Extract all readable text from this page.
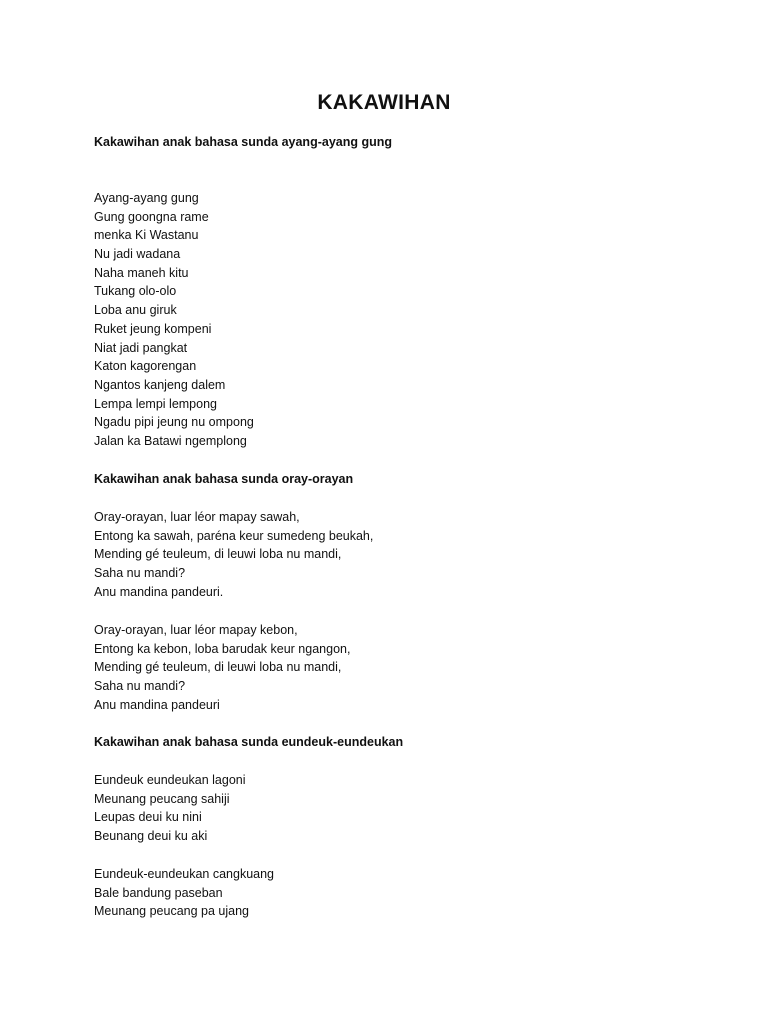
KAKAWIHAN
Kakawihan anak bahasa sunda ayang-ayang gung
Ayang-ayang gung
Gung goongna rame
menka Ki Wastanu
Nu jadi wadana
Naha maneh kitu
Tukang olo-olo
Loba anu giruk
Ruket jeung kompeni
Niat jadi pangkat
Katon kagorengan
Ngantos kanjeng dalem
Lempa lempi lempong
Ngadu pipi jeung nu ompong
Jalan ka Batawi ngemplong
Kakawihan anak bahasa sunda oray-orayan
Oray-orayan, luar léor mapay sawah,
Entong ka sawah, paréna keur sumedeng beukah,
Mending gé teuleum, di leuwi loba nu mandi,
Saha nu mandi?
Anu mandina pandeuri.
Oray-orayan, luar léor mapay kebon,
Entong ka kebon, loba barudak keur ngangon,
Mending gé teuleum, di leuwi loba nu mandi,
Saha nu mandi?
Anu mandina pandeuri
Kakawihan anak bahasa sunda eundeuk-eundeukan
Eundeuk eundeukan lagoni
Meunang peucang sahiji
Leupas deui ku nini
Beunang deui ku aki
Eundeuk-eundeukan cangkuang
Bale bandung paseban
Meunang peucang pa ujang
